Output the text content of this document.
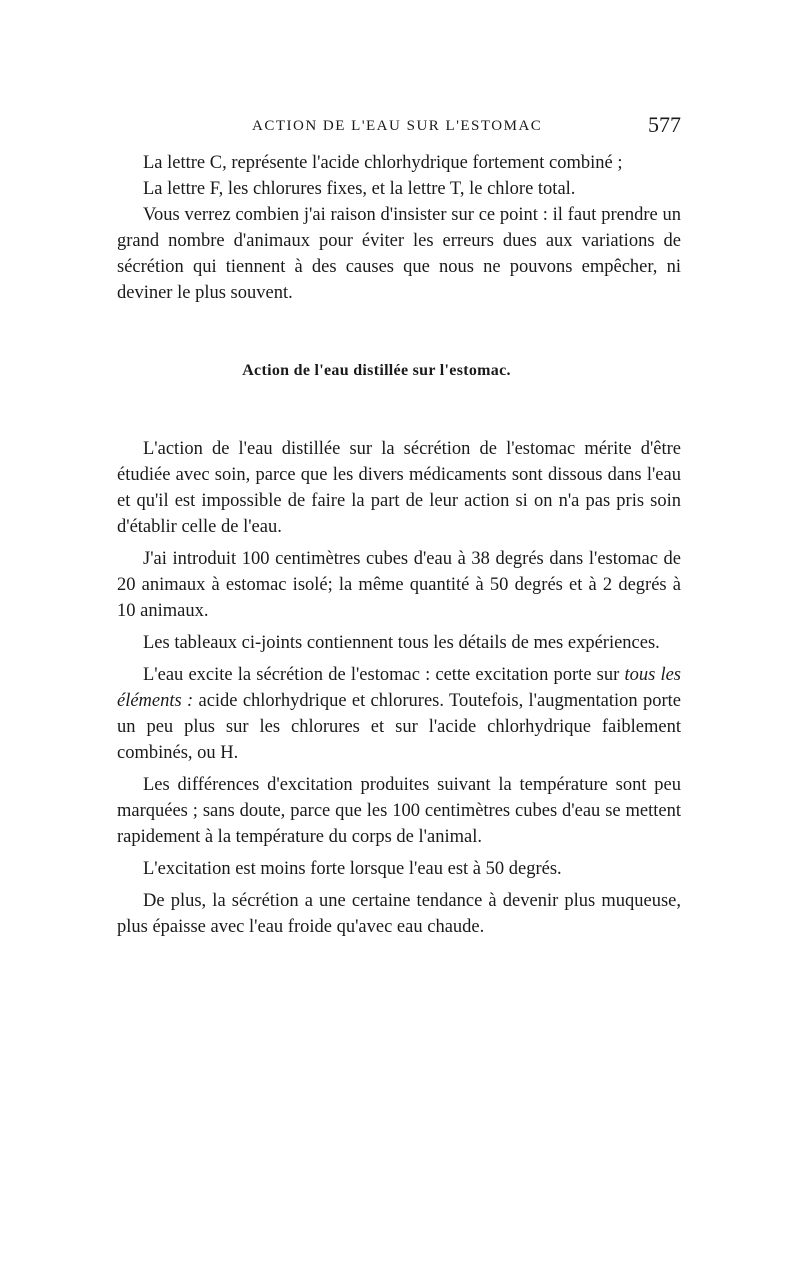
ACTION DE L'EAU SUR L'ESTOMAC	577

La lettre C, représente l'acide chlorhydrique fortement combiné ;

La lettre F, les chlorures fixes, et la lettre T, le chlore total.

Vous verrez combien j'ai raison d'insister sur ce point : il faut prendre un grand nombre d'animaux pour éviter les erreurs dues aux variations de sécrétion qui tiennent à des causes que nous ne pouvons empêcher, ni deviner le plus souvent.

Action de l'eau distillée sur l'estomac.

L'action de l'eau distillée sur la sécrétion de l'estomac mérite d'être étudiée avec soin, parce que les divers médicaments sont dissous dans l'eau et qu'il est impossible de faire la part de leur action si on n'a pas pris soin d'établir celle de l'eau.

J'ai introduit 100 centimètres cubes d'eau à 38 degrés dans l'estomac de 20 animaux à estomac isolé; la même quantité à 50 degrés et à 2 degrés à 10 animaux.

Les tableaux ci-joints contiennent tous les détails de mes expériences.

L'eau excite la sécrétion de l'estomac : cette excitation porte sur tous les éléments : acide chlorhydrique et chlorures. Toutefois, l'augmentation porte un peu plus sur les chlorures et sur l'acide chlorhydrique faiblement combinés, ou H.

Les différences d'excitation produites suivant la température sont peu marquées ; sans doute, parce que les 100 centimètres cubes d'eau se mettent rapidement à la température du corps de l'animal.

L'excitation est moins forte lorsque l'eau est à 50 degrés.

De plus, la sécrétion a une certaine tendance à devenir plus muqueuse, plus épaisse avec l'eau froide qu'avec eau chaude.
